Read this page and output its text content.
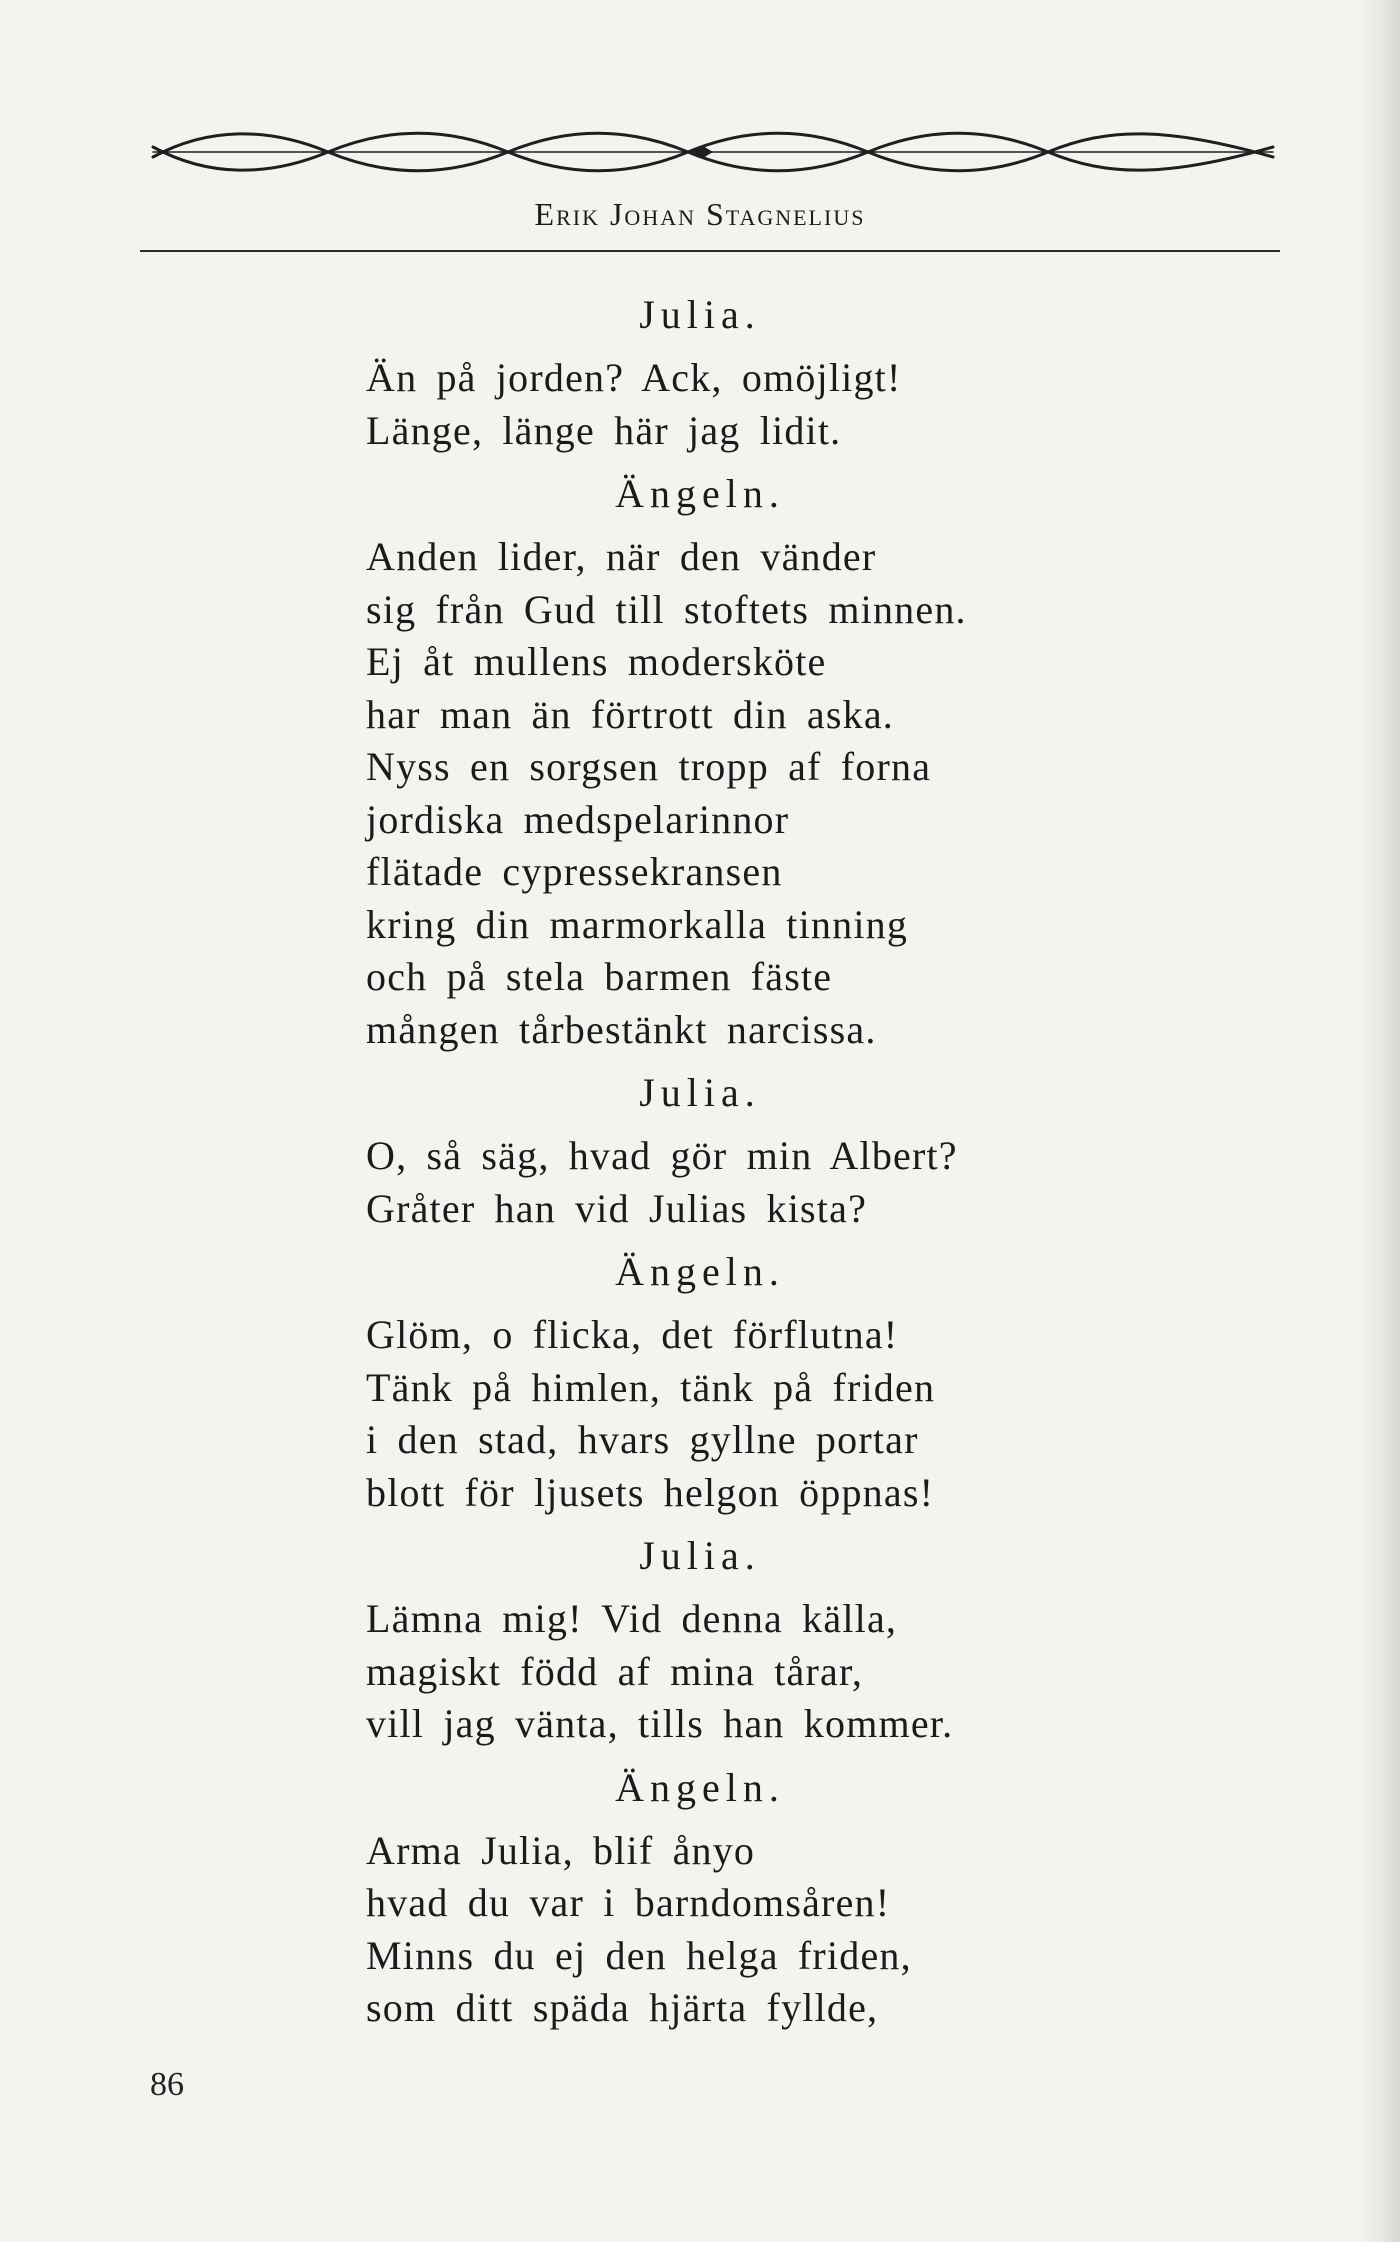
Erik Johan Stagnelius
Julia.
Än på jorden? Ack, omöjligt!
Länge, länge här jag lidit.
Ängeln.
Anden lider, när den vänder
sig från Gud till stoftets minnen.
Ej åt mullens modersköte
har man än förtrott din aska.
Nyss en sorgsen tropp af forna
jordiska medspelarinnor
flätade cypressekransen
kring din marmorkalla tinning
och på stela barmen fäste
mången tårbestänkt narcissa.
Julia.
O, så säg, hvad gör min Albert?
Gråter han vid Julias kista?
Ängeln.
Glöm, o flicka, det förflutna!
Tänk på himlen, tänk på friden
i den stad, hvars gyllne portar
blott för ljusets helgon öppnas!
Julia.
Lämna mig! Vid denna källa,
magiskt född af mina tårar,
vill jag vänta, tills han kommer.
Ängeln.
Arma Julia, blif ånyo
hvad du var i barndomsåren!
Minns du ej den helga friden,
som ditt späda hjärta fyllde,
86
